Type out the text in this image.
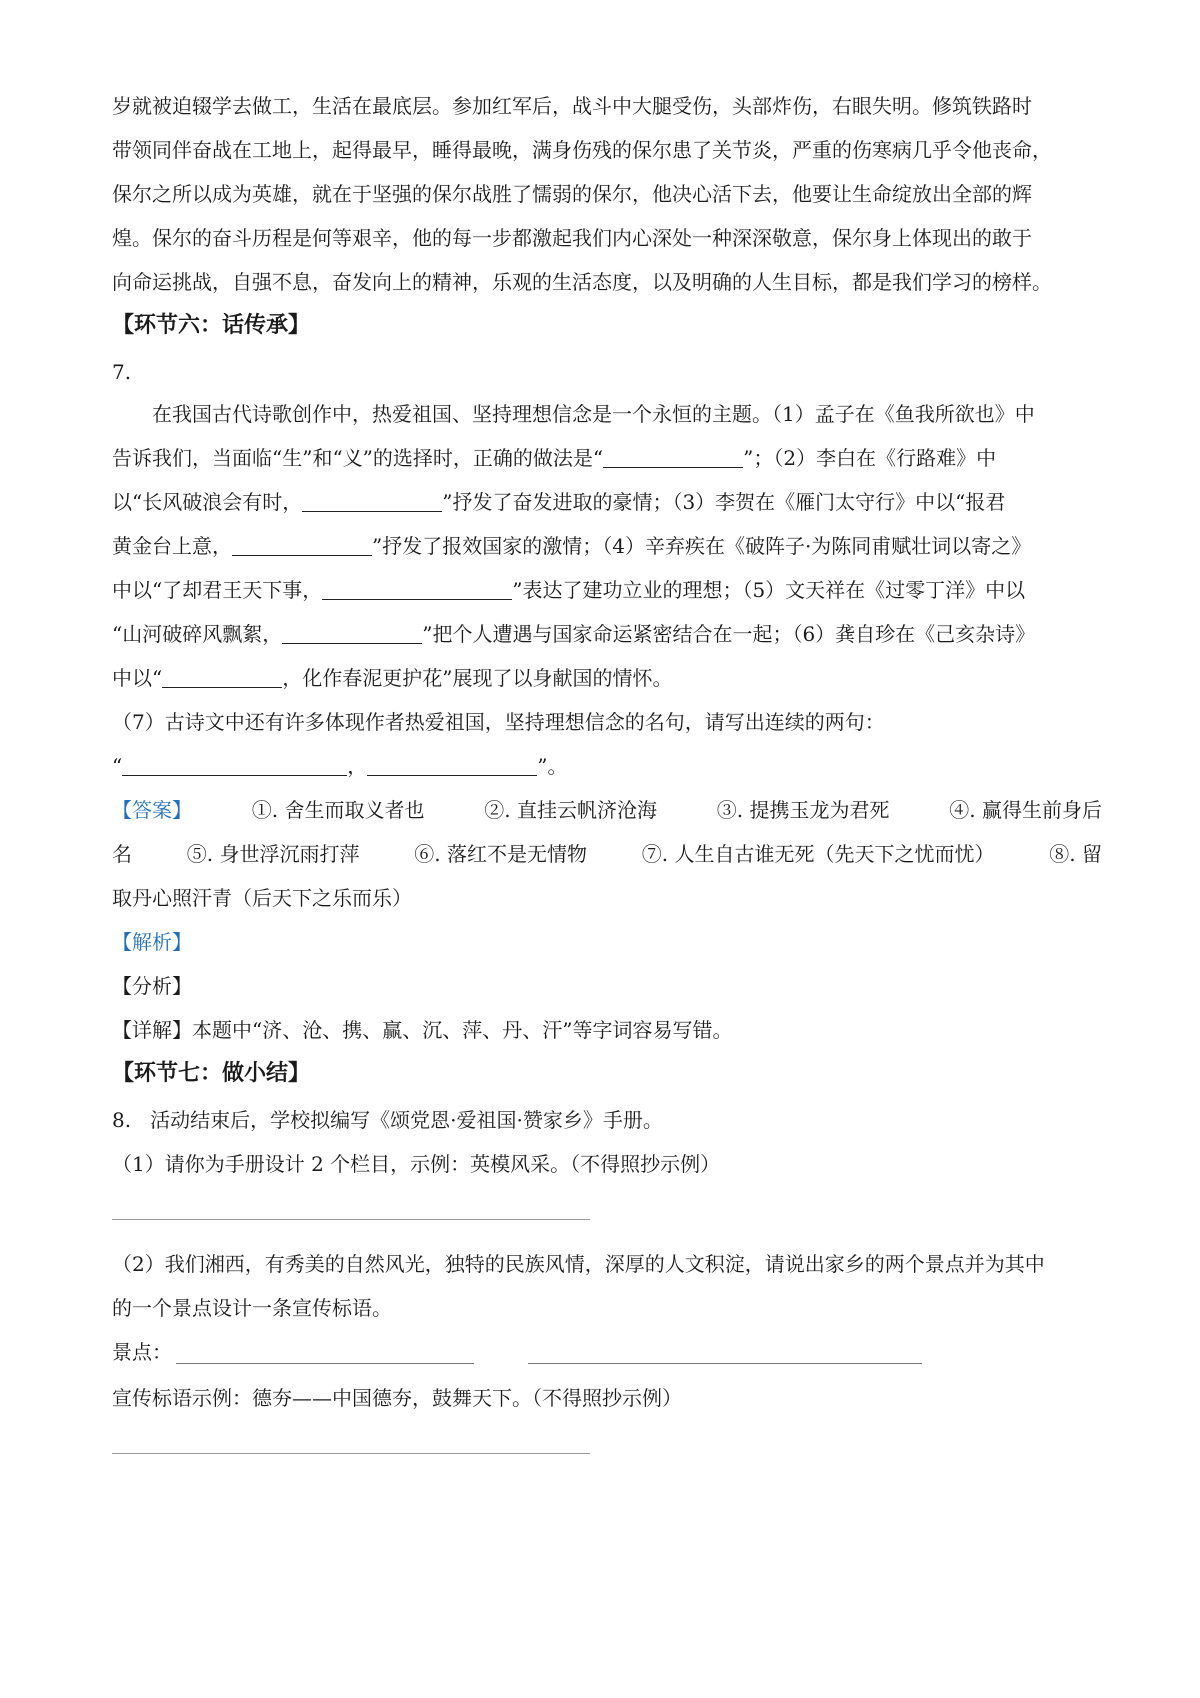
岁就被迫辍学去做工，生活在最底层。参加红军后，战斗中大腿受伤，头部炸伤，右眼失明。修筑铁路时
带领同伴奋战在工地上，起得最早，睡得最晚，满身伤残的保尔患了关节炎，严重的伤寒病几乎令他丧命，
保尔之所以成为英雄，就在于坚强的保尔战胜了懦弱的保尔，他决心活下去，他要让生命绽放出全部的辉
煌。保尔的奋斗历程是何等艰辛，他的每一步都激起我们内心深处一种深深敬意，保尔身上体现出的敢于
向命运挑战，自强不息，奋发向上的精神，乐观的生活态度，以及明确的人生目标，都是我们学习的榜样。
【环节六：话传承】
7.
在我国古代诗歌创作中，热爱祖国、坚持理想信念是一个永恒的主题。（1）孟子在《鱼我所欲也》中
告诉我们，当面临“生”和“义”的选择时，正确的做法是“	”；（2）李白在《行路难》中
以“长风破浪会有时，	”抒发了奋发进取的豪情；（3）李贺在《雁门太守行》中以“报君
黄金台上意，	”抒发了报效国家的激情；（4）辛弃疾在《破阵子·为陈同甫赋壮词以寄之》
中以“了却君王天下事，	”表达了建功立业的理想；（5）文天祥在《过零丁洋》中以
“山河破碎风飘絮，	”把个人遭遇与国家命运紧密结合在一起；（6）龚自珍在《己亥杂诗》
中以“	，化作春泥更护花”展现了以身献国的情怀。
（7）古诗文中还有许多体现作者热爱祖国，坚持理想信念的名句，请写出连续的两句：
“	，	”。
【答案】	①. 舍生而取义者也	②. 直挂云帆济沧海	③. 提携玉龙为君死	④. 赢得生前身后
名	⑤. 身世浮沉雨打萍	⑥. 落红不是无情物	⑦. 人生自古谁无死（先天下之忧而忧）	⑧. 留
取丹心照汗青（后天下之乐而乐）
【解析】
【分析】
【详解】本题中“济、沧、携、赢、沉、萍、丹、汗”等字词容易写错。
【环节七：做小结】
8. 活动结束后，学校拟编写《颂党恩·爱祖国·赞家乡》手册。
（1）请你为手册设计 2 个栏目，示例：英模风采。（不得照抄示例）
（2）我们湘西，有秀美的自然风光，独特的民族风情，深厚的人文积淀，请说出家乡的两个景点并为其中
的一个景点设计一条宣传标语。
景点：
宣传标语示例：德夯——中国德夯，鼓舞天下。（不得照抄示例）
